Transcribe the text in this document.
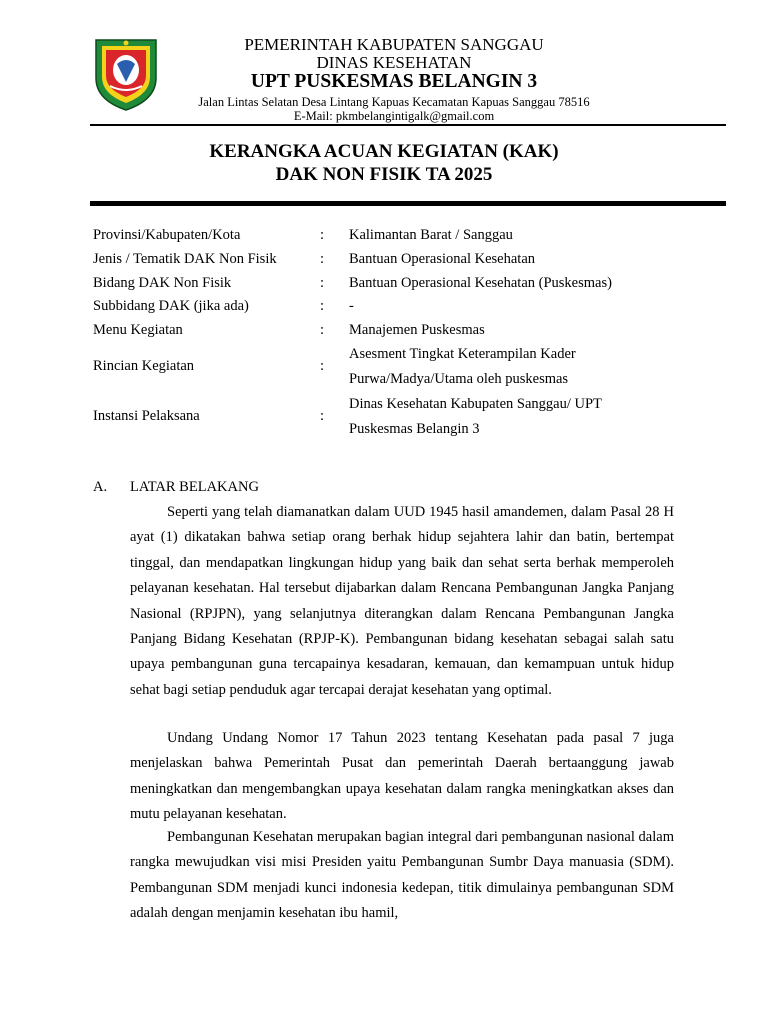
PEMERINTAH KABUPATEN SANGGAU
DINAS KESEHATAN
UPT PUSKESMAS BELANGIN 3
Jalan Lintas Selatan Desa Lintang Kapuas Kecamatan Kapuas Sanggau 78516
E-Mail: pkmbelangintigalk@gmail.com
KERANGKA ACUAN KEGIATAN (KAK)
DAK NON FISIK TA 2025
Provinsi/Kabupaten/Kota	: Kalimantan Barat / Sanggau
Jenis / Tematik DAK Non Fisik	: Bantuan Operasional Kesehatan
Bidang DAK Non Fisik	: Bantuan Operasional Kesehatan (Puskesmas)
Subbidang DAK (jika ada)	: -
Menu Kegiatan	: Manajemen Puskesmas
Rincian Kegiatan	:
Asesment Tingkat Keterampilan Kader
Purwa/Madya/Utama oleh puskesmas
Instansi Pelaksana	:
Dinas Kesehatan Kabupaten Sanggau/ UPT
Puskesmas Belangin 3
A. LATAR BELAKANG
Seperti yang telah diamanatkan dalam UUD 1945 hasil amandemen, dalam Pasal 28 H ayat (1) dikatakan bahwa setiap orang berhak hidup sejahtera lahir dan batin, bertempat tinggal, dan mendapatkan lingkungan hidup yang baik dan sehat serta berhak memperoleh pelayanan kesehatan. Hal tersebut dijabarkan dalam Rencana Pembangunan Jangka Panjang Nasional (RPJPN), yang selanjutnya diterangkan dalam Rencana Pembangunan Jangka Panjang Bidang Kesehatan (RPJP-K). Pembangunan bidang kesehatan sebagai salah satu upaya pembangunan guna tercapainya kesadaran, kemauan, dan kemampuan untuk hidup sehat bagi setiap penduduk agar tercapai derajat kesehatan yang optimal.
Undang Undang Nomor 17 Tahun 2023 tentang Kesehatan pada pasal 7 juga menjelaskan bahwa Pemerintah Pusat dan pemerintah Daerah bertaanggung jawab meningkatkan dan mengembangkan upaya kesehatan dalam rangka meningkatkan akses dan mutu pelayanan kesehatan.
Pembangunan Kesehatan merupakan bagian integral dari pembangunan nasional dalam rangka mewujudkan visi misi Presiden yaitu Pembangunan Sumbr Daya manuasia (SDM). Pembangunan SDM menjadi kunci indonesia kedepan, titik dimulainya pembangunan SDM adalah dengan menjamin kesehatan ibu hamil,
